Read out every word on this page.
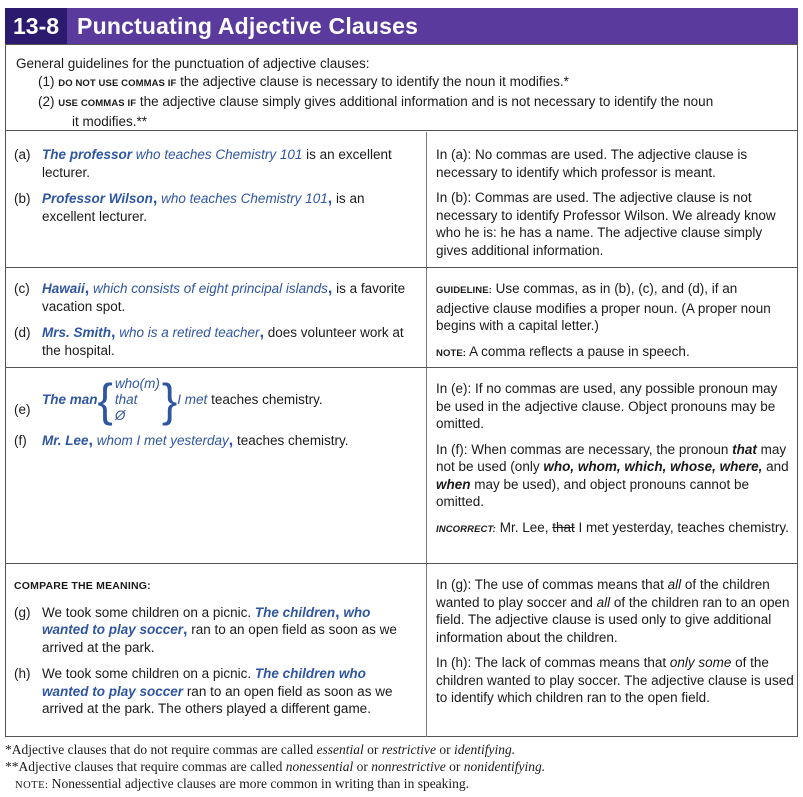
13-8 Punctuating Adjective Clauses
General guidelines for the punctuation of adjective clauses:
(1) DO NOT USE COMMAS IF the adjective clause is necessary to identify the noun it modifies.*
(2) USE COMMAS IF the adjective clause simply gives additional information and is not necessary to identify the noun
it modifies.**
(a) The professor who teaches Chemistry 101 is an excellent lecturer.
(b) Professor Wilson, who teaches Chemistry 101, is an excellent lecturer.
In (a): No commas are used. The adjective clause is necessary to identify which professor is meant.
In (b): Commas are used. The adjective clause is not necessary to identify Professor Wilson. We already know who he is: he has a name. The adjective clause simply gives additional information.
(c) Hawaii, which consists of eight principal islands, is a favorite vacation spot.
(d) Mrs. Smith, who is a retired teacher, does volunteer work at the hospital.
GUIDELINE: Use commas, as in (b), (c), and (d), if an adjective clause modifies a proper noun. (A proper noun begins with a capital letter.)
NOTE: A comma reflects a pause in speech.
(e)
The man { who(m)
that
Ø } I met
teaches chemistry.
(f) Mr. Lee, whom I met yesterday, teaches chemistry.
In (e): If no commas are used, any possible pronoun may be used in the adjective clause. Object pronouns may be omitted.
In (f): When commas are necessary, the pronoun that may not be used (only who, whom, which, whose, where, and when may be used), and object pronouns cannot be omitted.
INCORRECT: Mr. Lee, that I met yesterday, teaches chemistry.
COMPARE THE MEANING:
(g) We took some children on a picnic. The children, who wanted to play soccer, ran to an open field as soon as we arrived at the park.
(h) We took some children on a picnic. The children who wanted to play soccer ran to an open field as soon as we arrived at the park. The others played a different game.
In (g): The use of commas means that all of the children wanted to play soccer and all of the children ran to an open field. The adjective clause is used only to give additional information about the children.
In (h): The lack of commas means that only some of the children wanted to play soccer. The adjective clause is used to identify which children ran to the open field.
*Adjective clauses that do not require commas are called essential or restrictive or identifying.
**Adjective clauses that require commas are called nonessential or nonrestrictive or nonidentifying.
NOTE: Nonessential adjective clauses are more common in writing than in speaking.
